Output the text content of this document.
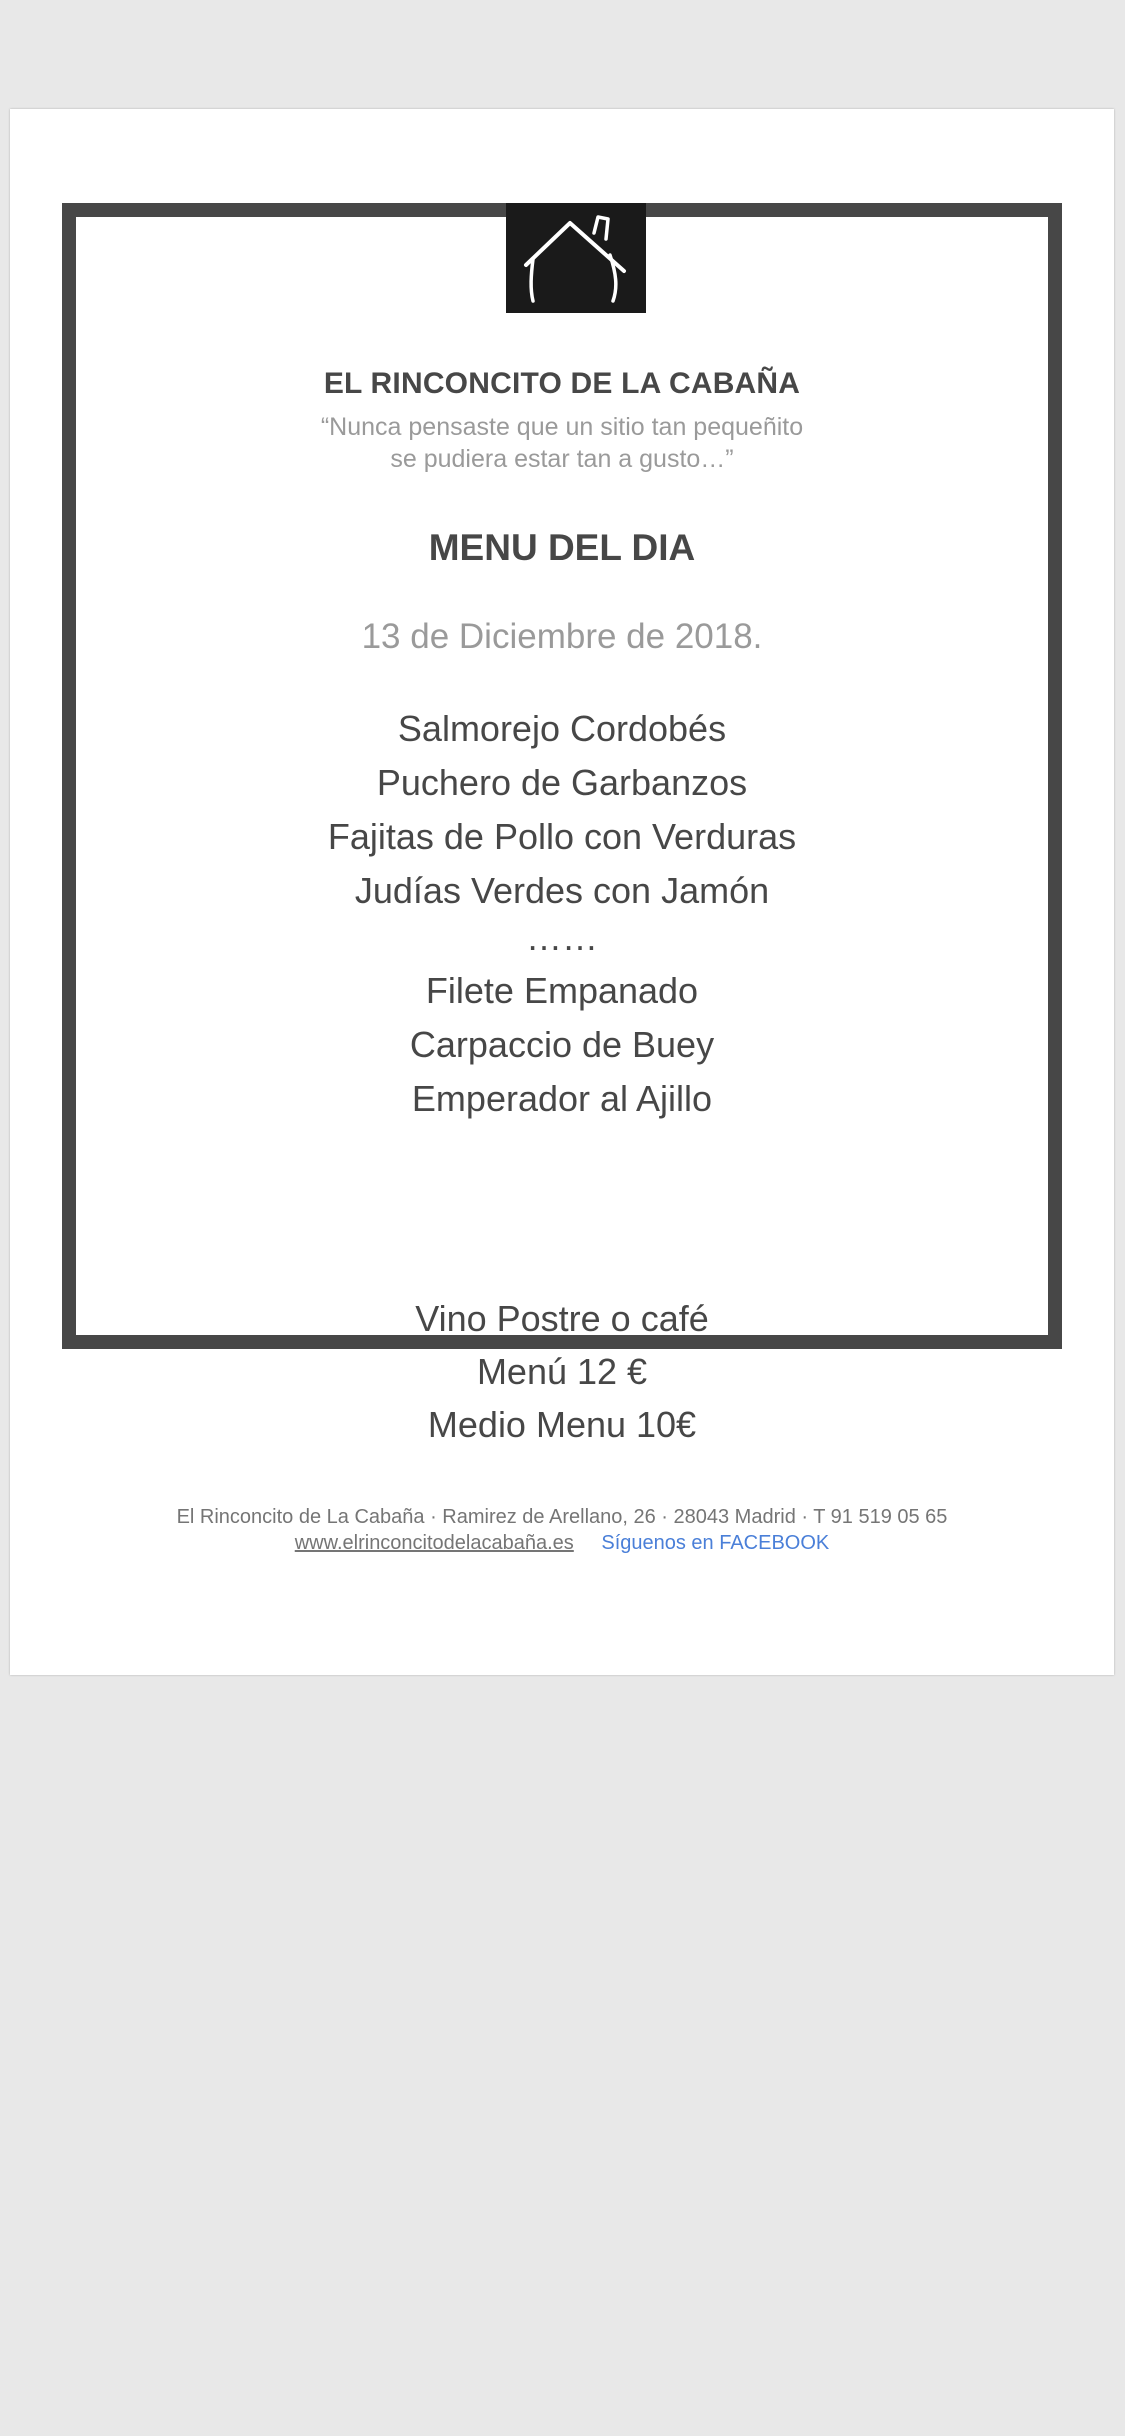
EL RINCONCITO DE LA CABAÑA
“Nunca pensaste que un sitio tan pequeñito
se pudiera estar tan a gusto…”
MENU DEL DIA
13 de Diciembre de 2018.
Salmorejo Cordobés
Puchero de Garbanzos
Fajitas de Pollo con Verduras
Judías Verdes con Jamón
……
Filete Empanado
Carpaccio de Buey
Emperador al Ajillo
Vino Postre o café
Menú 12 €
Medio Menu 10€
El Rinconcito de La Cabaña · Ramirez de Arellano, 26 · 28043 Madrid · T 91 519 05 65
www.elrinconcitodelacabaña.es Síguenos en FACEBOOK
